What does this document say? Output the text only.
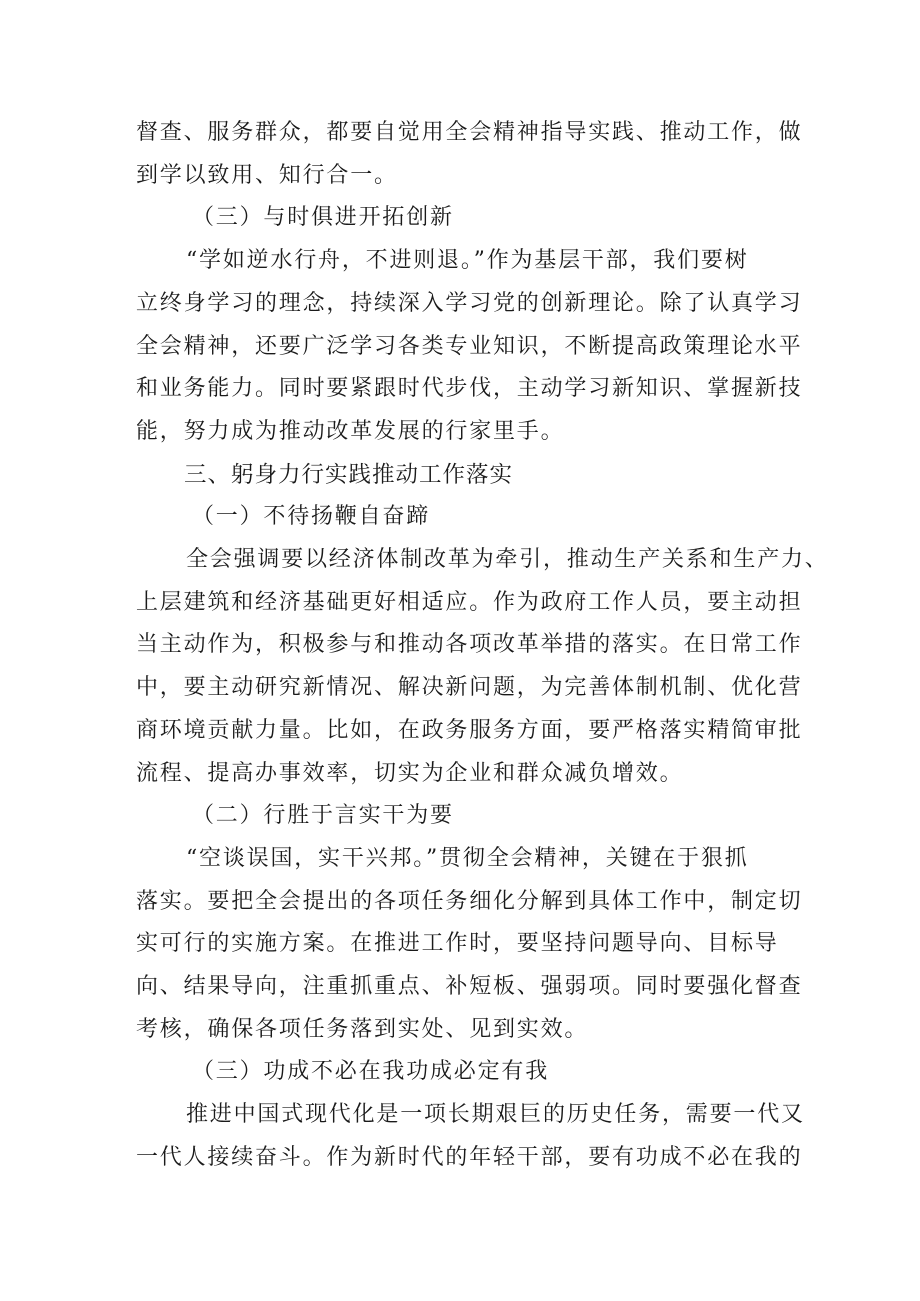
督查、服务群众，都要自觉用全会精神指导实践、推动工作，做
到学以致用、知行合一。

（三）与时俱进开拓创新

“学如逆水行舟，不进则退。”作为基层干部，我们要树
立终身学习的理念，持续深入学习党的创新理论。除了认真学习
全会精神，还要广泛学习各类专业知识，不断提高政策理论水平
和业务能力。同时要紧跟时代步伐，主动学习新知识、掌握新技
能，努力成为推动改革发展的行家里手。

三、躬身力行实践推动工作落实

（一）不待扬鞭自奋蹄

全会强调要以经济体制改革为牵引，推动生产关系和生产力、
上层建筑和经济基础更好相适应。作为政府工作人员，要主动担
当主动作为，积极参与和推动各项改革举措的落实。在日常工作
中，要主动研究新情况、解决新问题，为完善体制机制、优化营
商环境贡献力量。比如，在政务服务方面，要严格落实精简审批
流程、提高办事效率，切实为企业和群众减负增效。

（二）行胜于言实干为要

“空谈误国，实干兴邦。”贯彻全会精神，关键在于狠抓
落实。要把全会提出的各项任务细化分解到具体工作中，制定切
实可行的实施方案。在推进工作时，要坚持问题导向、目标导
向、结果导向，注重抓重点、补短板、强弱项。同时要强化督查
考核，确保各项任务落到实处、见到实效。

（三）功成不必在我功成必定有我

推进中国式现代化是一项长期艰巨的历史任务，需要一代又
一代人接续奋斗。作为新时代的年轻干部，要有功成不必在我的
